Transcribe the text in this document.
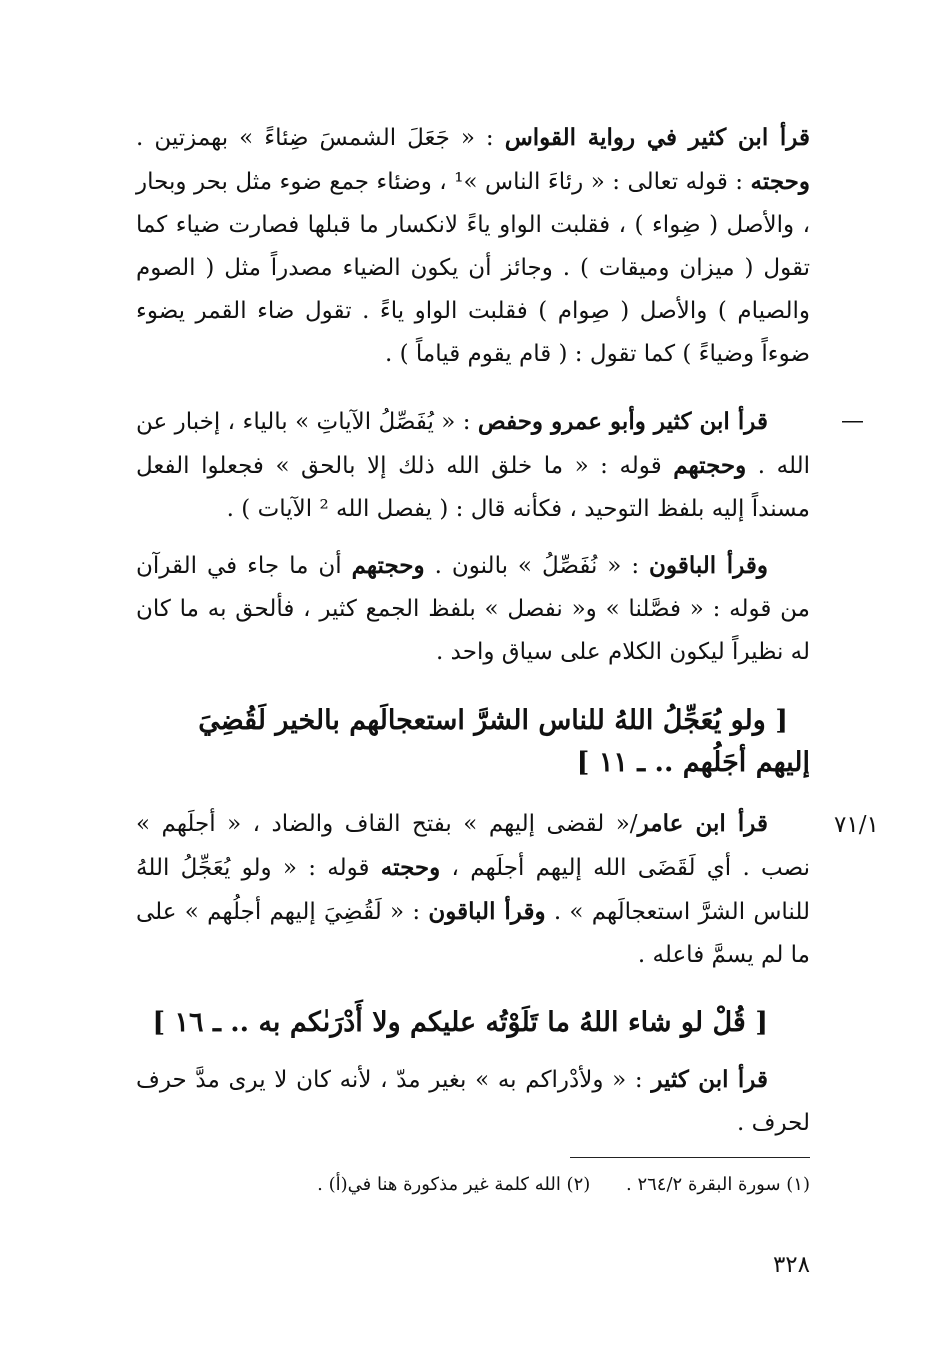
قرأ ابن كثير في رواية القواس : « جَعَلَ الشمسَ ضِئاءً » بهمزتين . وحجته : قوله تعالى : « رئاءَ الناس »¹ ، وضئاء جمع ضوء مثل بحر وبحار ، والأصل ( ضِواء ) ، فقلبت الواو ياءً لانكسار ما قبلها فصارت ضياء كما تقول ( ميزان وميقات ) . وجائز أن يكون الضياء مصدراً مثل ( الصوم والصيام ) والأصل ( صِوام ) فقلبت الواو ياءً . تقول ضاء القمر يضوء ضوءاً وضياءً ) كما تقول : ( قام يقوم قياماً ) .

—

قرأ ابن كثير وأبو عمرو وحفص : « يُفَصِّلُ الآياتِ » بالياء ، إخبار عن الله . وحجتهم قوله : « ما خلق الله ذلك إلا بالحق » فجعلوا الفعل مسنداً إليه بلفظ التوحيد ، فكأنه قال : ( يفصل الله ² الآيات ) .

وقرأ الباقون : « نُفَصِّلُ » بالنون . وحجتهم أن ما جاء في القرآن من قوله : « فصَّلنا » و« نفصل » بلفظ الجمع كثير ، فألحق به ما كان له نظيراً ليكون الكلام على سياق واحد .

[ ولو يُعَجِّلُ اللهُ للناس الشرَّ استعجالَهم بالخير لَقُضِيَ إليهم أجَلُهم .. ـ ١١ ]
٧١/١

قرأ ابن عامر/« لقضى إليهم » بفتح القاف والضاد ، « أجلَهم » نصب . أي لَقَضَى الله إليهم أجلَهم ، وحجته قوله : « ولو يُعَجِّلُ اللهُ للناس الشرَّ استعجالَهم » . وقرأ الباقون : « لَقُضِيَ إليهم أجلُهم » على ما لم يسمَّ فاعله .

[ قُلْ لو شاء اللهُ ما تَلَوْتُه عليكم ولا أَدْرَىٰكم به .. ـ ١٦ ]

قرأ ابن كثير : « ولأدْراكم به » بغير مدّ ، لأنه كان لا يرى مدَّ حرف لحرف .

(١) سورة البقرة ٢٦٤/٢ . (٢) الله كلمة غير مذكورة هنا في(أ) .
٣٢٨
